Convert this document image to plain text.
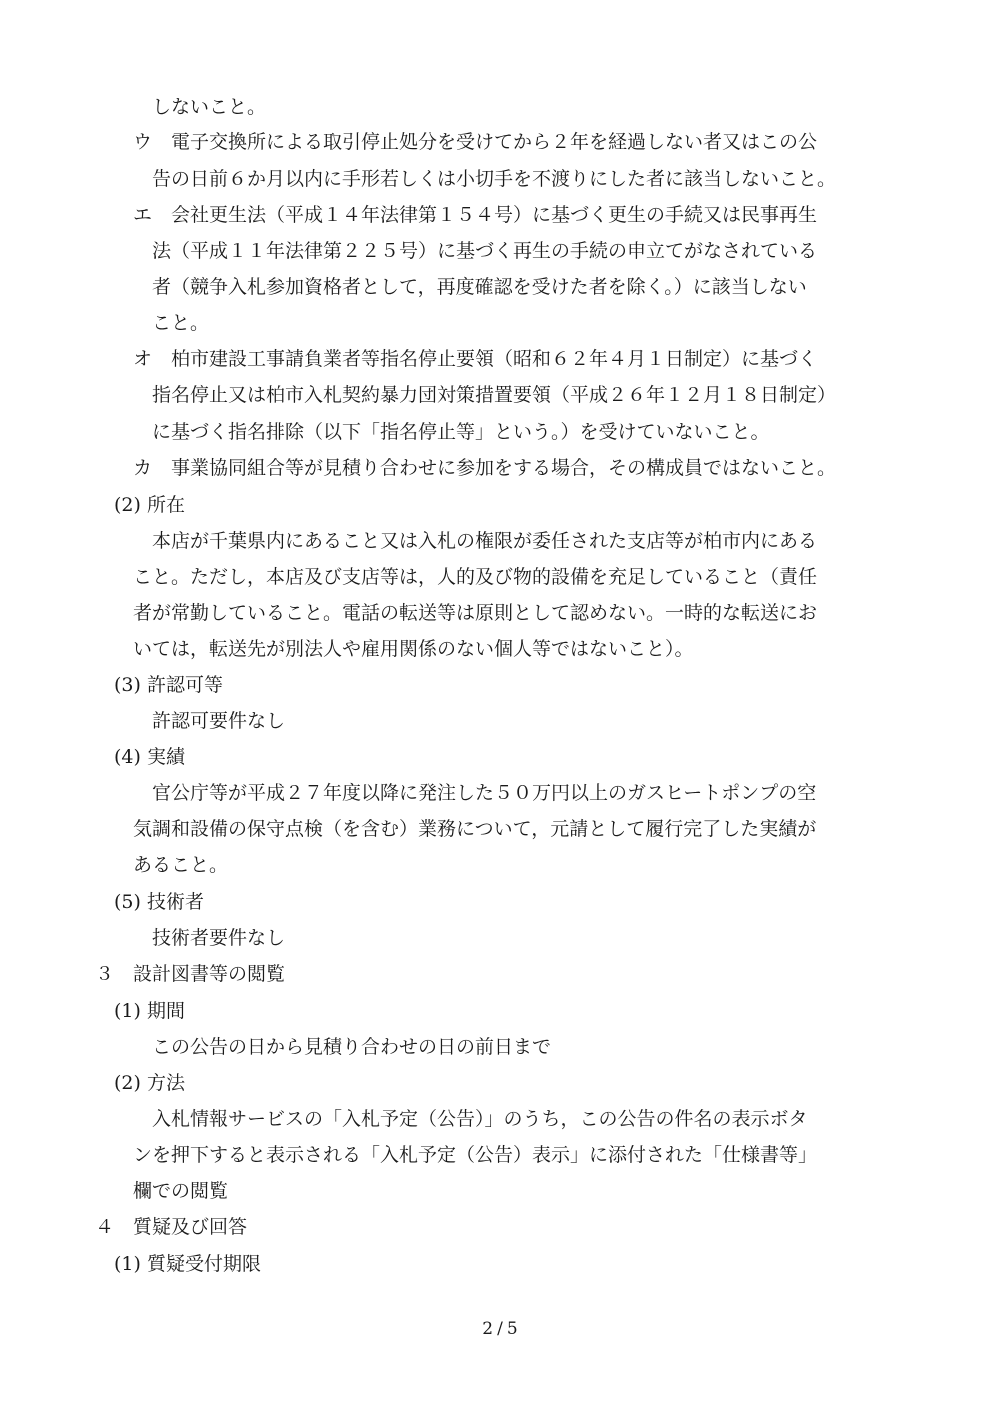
しないこと。
ウ　電子交換所による取引停止処分を受けてから２年を経過しない者又はこの公
告の日前６か月以内に手形若しくは小切手を不渡りにした者に該当しないこと。
エ　会社更生法（平成１４年法律第１５４号）に基づく更生の手続又は民事再生
法（平成１１年法律第２２５号）に基づく再生の手続の申立てがなされている
者（競争入札参加資格者として，再度確認を受けた者を除く。）に該当しない
こと。
オ　柏市建設工事請負業者等指名停止要領（昭和６２年４月１日制定）に基づく
指名停止又は柏市入札契約暴力団対策措置要領（平成２６年１２月１８日制定）
に基づく指名排除（以下「指名停止等」という。）を受けていないこと。
カ　事業協同組合等が見積り合わせに参加をする場合，その構成員ではないこと。
(2) 所在
本店が千葉県内にあること又は入札の権限が委任された支店等が柏市内にある
こと。ただし，本店及び支店等は，人的及び物的設備を充足していること（責任
者が常勤していること。電話の転送等は原則として認めない。一時的な転送にお
いては，転送先が別法人や雇用関係のない個人等ではないこと）。
(3) 許認可等
許認可要件なし
(4) 実績
官公庁等が平成２７年度以降に発注した５０万円以上のガスヒートポンプの空
気調和設備の保守点検（を含む）業務について，元請として履行完了した実績が
あること。
(5) 技術者
技術者要件なし
３　設計図書等の閲覧
(1) 期間
この公告の日から見積り合わせの日の前日まで
(2) 方法
入札情報サービスの「入札予定（公告）」のうち，この公告の件名の表示ボタ
ンを押下すると表示される「入札予定（公告）表示」に添付された「仕様書等」
欄での閲覧
４　質疑及び回答
(1) 質疑受付期限
2 / 5
